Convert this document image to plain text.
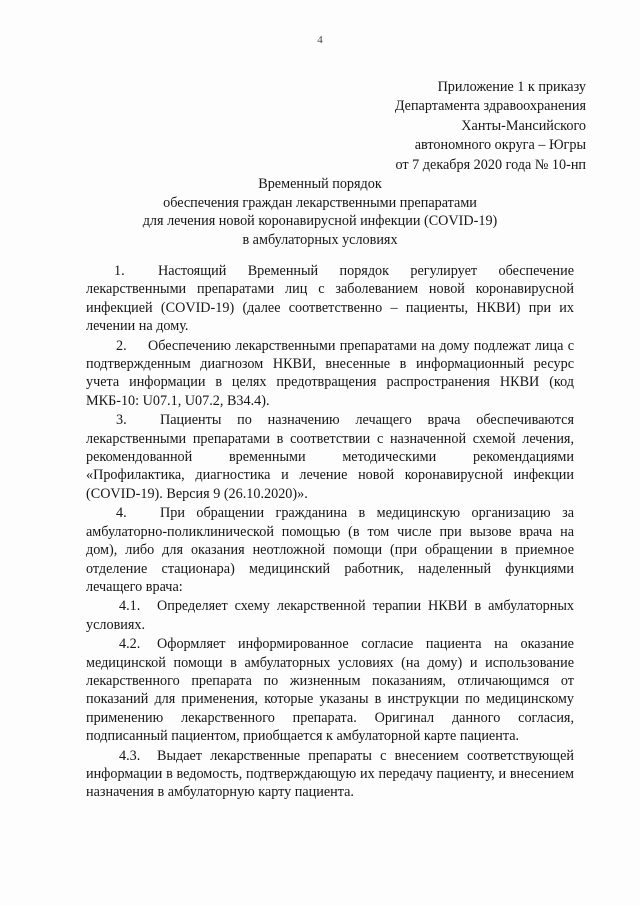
4
Приложение 1 к приказу
Департамента здравоохранения
Ханты-Мансийского
автономного округа – Югры
от 7 декабря 2020 года № 10-нп
Временный порядок
обеспечения граждан лекарственными препаратами
для лечения новой коронавирусной инфекции (COVID-19)
в амбулаторных условиях

1. Настоящий Временный порядок регулирует обеспечение лекарственными препаратами лиц с заболеванием новой коронавирусной инфекцией (COVID-19) (далее соответственно – пациенты, НКВИ) при их лечении на дому.

2. Обеспечению лекарственными препаратами на дому подлежат лица с подтвержденным диагнозом НКВИ, внесенные в информационный ресурс учета информации в целях предотвращения распространения НКВИ (код МКБ-10: U07.1, U07.2, B34.4).

3. Пациенты по назначению лечащего врача обеспечиваются лекарственными препаратами в соответствии с назначенной схемой лечения, рекомендованной временными методическими рекомендациями «Профилактика, диагностика и лечение новой коронавирусной инфекции (COVID-19). Версия 9 (26.10.2020)».

4. При обращении гражданина в медицинскую организацию за амбулаторно-поликлинической помощью (в том числе при вызове врача на дом), либо для оказания неотложной помощи (при обращении в приемное отделение стационара) медицинский работник, наделенный функциями лечащего врача:

4.1. Определяет схему лекарственной терапии НКВИ в амбулаторных условиях.

4.2. Оформляет информированное согласие пациента на оказание медицинской помощи в амбулаторных условиях (на дому) и использование лекарственного препарата по жизненным показаниям, отличающимся от показаний для применения, которые указаны в инструкции по медицинскому применению лекарственного препарата. Оригинал данного согласия, подписанный пациентом, приобщается к амбулаторной карте пациента.

4.3. Выдает лекарственные препараты с внесением соответствующей информации в ведомость, подтверждающую их передачу пациенту, и внесением назначения в амбулаторную карту пациента.
